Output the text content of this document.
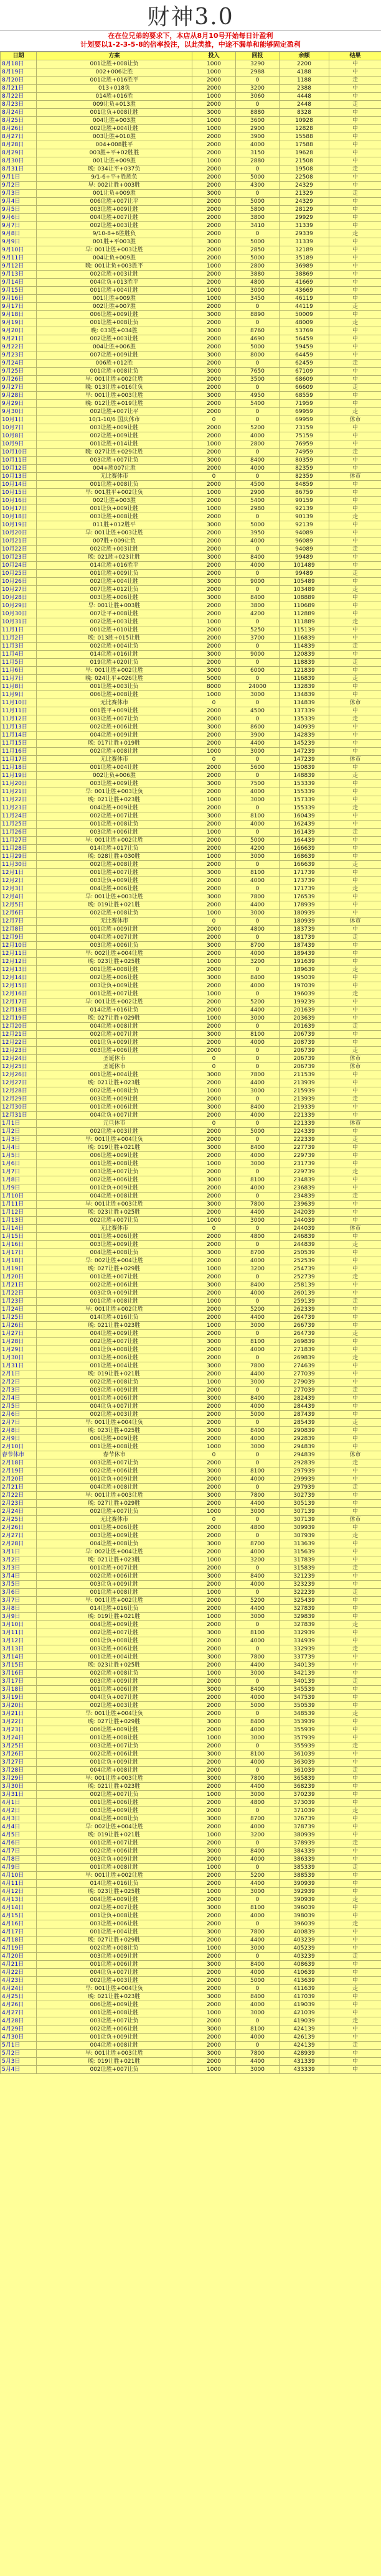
财神3.0
在在位兄弟的要求下，本店从8月10号开始每日计盈利
计划要以1-2-3-5-8的倍率投注，以此类推，中途不漏单和能够固定盈利
日期	方案	投入	回报	余额	结果
8月18日	001让胜+008让负	1000	3290	2200	中
8月19日	002+006让胜	1000	2988	4188	中
8月20日	001让胜+016胜平	2000	0	1188	走
8月21日	013+018负	2000	3200	2388	中
8月22日	014胜+016胜	1000	3060	4448	中
8月23日	009让负+013胜	2000	0	2448	走
8月24日	001让负+008让胜	3000	8880	8328	中
8月25日	004让胜+003胜	1000	3600	10928	中
8月26日	002让胜+004让胜	1000	2900	12828	中
8月27日	003让胜+010胜	2000	3900	15588	中
8月28日	004+008胜平	2000	4000	17588	中
8月29日	003胜+平+02胜胜	2000	3150	19628	中
8月30日	001让胜+009胜	1000	2880	21508	中
8月31日	晚: 034让平+037负	2000	0	19508	走
9月1日	9/1-6+平+胜胜负	2000	5000	22508	中
9月2日	早: 002让胜+003胜	2000	4300	24329	中
9月3日	001让负+009胜	3000	0	21329	走
9月4日	006让胜+007让平	2000	5000	24329	中
9月5日	003让胜+009让胜	2000	5800	28129	中
9月6日	004让胜+007让胜	2000	3800	29929	中
9月7日	002让胜+003让胜	2000	3410	31339	中
9月8日	9/10-8+6胜胜负	2000	0	29339	走
9月9日	001胜+平003胜	3000	5000	31339	中
9月10日	早: 001让胜+003让胜	2000	2850	32189	中
9月11日	004让负+009胜	2000	5000	35189	中
9月12日	晚: 001让负+003胜平	1000	2800	36989	中
9月13日	002让胜+003让胜	2000	3880	38869	中
9月14日	004让负+013胜平	2000	4800	41669	中
9月15日	001让胜+004让胜	1000	3000	43669	中
9月16日	001让胜+009胜	1000	3450	46119	中
9月17日	002让胜+007胜	2000	0	44119	走
9月18日	006让胜+009让胜	3000	8890	50009	中
9月19日	001让胜+008让负	2000	0	48009	走
9月20日	晚: 033胜+034胜	3000	8760	53769	中
9月21日	002让胜+003让胜	2000	4690	56459	中
9月22日	004让胜+006胜	2000	5000	59459	中
9月23日	007让胜+009让胜	3000	8000	64459	中
9月24日	006胜+012胜	2000	0	62459	走
9月25日	001让胜+008让负	3000	7650	67109	中
9月26日	早: 001让胜+002让胜	2000	3500	68609	中
9月27日	晚: 013让胜+016让负	2000	0	66609	走
9月28日	早: 001让胜+003让胜	3000	4950	68559	中
9月29日	晚: 012让胜+019让胜	2000	5400	71959	中
9月30日	002让胜+007让平	2000	0	69959	走
10月1日	10/1-10/6 国庆休市	0	0	69959	休市
10月7日	003让胜+009让胜	2000	5200	73159	中
10月8日	002让胜+009让胜	2000	4000	75159	中
10月9日	001让胜+014让胜	1000	2800	76959	中
10月10日	晚: 027让胜+029让胜	2000	0	74959	走
10月11日	003让胜+007让负	3000	8400	80359	中
10月12日	004+胜007让胜	2000	4000	82359	中
10月13日	无比赛休市	0	0	82359	休市
10月14日	001让胜+008让负	2000	4500	84859	中
10月15日	早: 001胜平+002让负	1000	2900	86759	中
10月16日	002让胜+003胜	2000	5400	90159	中
10月17日	001让负+009让胜	1000	2980	92139	中
10月18日	003让胜+008让胜	2000	0	90139	走
10月19日	011胜+012胜平	3000	5000	92139	中
10月20日	早: 001让胜+003让胜	2000	3950	94089	中
10月21日	007胜+009让负	2000	4000	96089	中
10月22日	002让胜+003让胜	2000	0	94089	走
10月23日	晚: 021胜+023让胜	3000	8400	99489	中
10月24日	014让胜+016胜平	2000	4000	101489	中
10月25日	001让胜+009让负	2000	0	99489	走
10月26日	002让胜+004让胜	3000	9000	105489	中
10月27日	007让胜+012让负	2000	0	103489	走
10月28日	003让胜+006让胜	3000	8400	108889	中
10月29日	早: 001让胜+003胜	2000	3800	110689	中
10月30日	007让平+008让胜	2000	4200	112889	中
10月31日	002让胜+003让胜	1000	0	111889	走
11月1日	001让胜+010让胜	2000	5250	115139	中
11月2日	晚: 013胜+015让胜	2000	3700	116839	中
11月3日	002让胜+004让负	2000	0	114839	走
11月4日	014让胜+016让胜	3000	9000	120839	中
11月5日	019让胜+020让负	2000	0	118839	走
11月6日	早: 001让胜+002让胜	3000	6000	121839	中
11月7日	晚: 024让平+026让胜	5000	0	116839	走
11月8日	001让胜+003让负	8000	24000	132839	中
11月9日	006让胜+008让胜	1000	3000	134839	中
11月10日	无比赛休市	0	0	134839	休市
11月11日	001胜平+009让胜	2000	4500	137339	中
11月12日	003让胜+007让负	2000	0	135339	走
11月13日	002让胜+006让胜	3000	8600	140939	中
11月14日	004让胜+009让胜	2000	3900	142839	中
11月15日	晚: 017让胜+019胜	2000	4400	145239	中
11月16日	002让胜+008让胜	1000	3000	147239	中
11月17日	无比赛休市	0	0	147239	休市
11月18日	001让胜+004让胜	2000	5600	150839	中
11月19日	002让负+006胜	2000	0	148839	走
11月20日	003让胜+009让胜	3000	7500	153339	中
11月21日	早: 001让胜+003让负	2000	4000	155339	中
11月22日	晚: 021让胜+023胜	1000	3000	157339	中
11月23日	004让胜+009让胜	2000	0	155339	走
11月24日	002让胜+007让胜	3000	8100	160439	中
11月25日	001让胜+008让负	2000	4000	162439	中
11月26日	003让胜+006让胜	1000	0	161439	走
11月27日	早: 001让胜+002让胜	2000	5000	164439	中
11月28日	014让胜+017让负	2000	4200	166639	中
11月29日	晚: 028让胜+030胜	1000	3000	168639	中
11月30日	002让胜+008让胜	2000	0	166639	走
12月1日	001让胜+007让胜	3000	8100	171739	中
12月2日	003让负+009让胜	2000	4000	173739	中
12月3日	004让胜+006让胜	2000	0	171739	走
12月4日	早: 001让胜+003让胜	3000	7800	176539	中
12月5日	晚: 019让胜+021胜	2000	4400	178939	中
12月6日	002让胜+008让负	1000	3000	180939	中
12月7日	无比赛休市	0	0	180939	休市
12月8日	001让胜+009让胜	2000	4800	183739	中
12月9日	004让胜+007让胜	2000	0	181739	走
12月10日	003让胜+006让负	3000	8700	187439	中
12月11日	早: 002让胜+004让胜	2000	4000	189439	中
12月12日	晚: 023让胜+025胜	1000	3200	191639	中
12月13日	001让胜+008让胜	2000	0	189639	走
12月14日	002让胜+006让胜	3000	8400	195039	中
12月15日	003让负+009让胜	2000	4000	197039	中
12月16日	001让胜+007让胜	1000	0	196039	走
12月17日	早: 001让胜+002让胜	2000	5200	199239	中
12月18日	014让胜+016让负	2000	4400	201639	中
12月19日	晚: 027让胜+029胜	1000	3000	203639	中
12月20日	004让胜+008让胜	2000	0	201639	走
12月21日	002让胜+007让胜	3000	8100	206739	中
12月22日	001让负+009让胜	2000	4000	208739	中
12月23日	003让胜+006让胜	2000	0	206739	走
12月24日	圣诞休市	0	0	206739	休市
12月25日	圣诞休市	0	0	206739	休市
12月26日	001让胜+004让胜	3000	7800	211539	中
12月27日	晚: 021让胜+023胜	2000	4400	213939	中
12月28日	002让胜+008让负	1000	3000	215939	中
12月29日	003让胜+009让胜	2000	0	213939	走
12月30日	001让胜+006让胜	3000	8400	219339	中
12月31日	004让负+007让胜	2000	4000	221339	中
1月1日	元旦休市	0	0	221339	休市
1月2日	002让胜+003让胜	2000	5000	224339	中
1月3日	早: 001让胜+004让负	2000	0	222339	走
1月4日	晚: 019让胜+021胜	3000	8400	227739	中
1月5日	006让胜+009让胜	2000	4000	229739	中
1月6日	001让胜+008让胜	1000	3000	231739	中
1月7日	003让胜+007让负	2000	0	229739	走
1月8日	002让胜+006让胜	3000	8100	234839	中
1月9日	001让负+009让胜	2000	4000	236839	中
1月10日	004让胜+008让胜	2000	0	234839	走
1月11日	早: 001让胜+003让胜	3000	7800	239639	中
1月12日	晚: 023让胜+025胜	2000	4400	242039	中
1月13日	002让胜+007让负	1000	3000	244039	中
1月14日	无比赛休市	0	0	244039	休市
1月15日	001让胜+006让胜	2000	4800	246839	中
1月16日	003让胜+009让胜	2000	0	244839	走
1月17日	004让胜+008让负	3000	8700	250539	中
1月18日	早: 002让胜+004让胜	2000	4000	252539	中
1月19日	晚: 027让胜+029胜	1000	3200	254739	中
1月20日	001让胜+007让胜	2000	0	252739	走
1月21日	002让胜+006让胜	3000	8400	258139	中
1月22日	003让负+009让胜	2000	4000	260139	中
1月23日	001让胜+008让胜	1000	0	259139	走
1月24日	早: 001让胜+002让胜	2000	5200	262339	中
1月25日	014让胜+016让负	2000	4400	264739	中
1月26日	晚: 021让胜+023胜	1000	3000	266739	中
1月27日	004让胜+009让胜	2000	0	264739	走
1月28日	002让胜+007让胜	3000	8100	269839	中
1月29日	001让负+008让胜	2000	4000	271839	中
1月30日	003让胜+006让胜	2000	0	269839	走
1月31日	001让胜+004让胜	3000	7800	274639	中
2月1日	晚: 019让胜+021胜	2000	4400	277039	中
2月2日	002让胜+008让负	1000	3000	279039	中
2月3日	003让胜+009让胜	2000	0	277039	走
2月4日	001让胜+006让胜	3000	8400	282439	中
2月5日	004让负+007让胜	2000	4000	284439	中
2月6日	002让胜+003让胜	2000	5000	287439	中
2月7日	早: 001让胜+004让负	2000	0	285439	走
2月8日	晚: 023让胜+025胜	3000	8400	290839	中
2月9日	006让胜+009让胜	2000	4000	292839	中
2月10日	001让胜+008让胜	1000	3000	294839	中
春节休市	春节休市	0	0	294839	休市
2月18日	003让胜+007让负	2000	0	292839	走
2月19日	002让胜+006让胜	3000	8100	297939	中
2月20日	001让负+009让胜	2000	4000	299939	中
2月21日	004让胜+008让胜	2000	0	297939	走
2月22日	早: 001让胜+003让胜	3000	7800	302739	中
2月23日	晚: 027让胜+029胜	2000	4400	305139	中
2月24日	002让胜+007让负	1000	3000	307139	中
2月25日	无比赛休市	0	0	307139	休市
2月26日	001让胜+006让胜	2000	4800	309939	中
2月27日	003让胜+009让胜	2000	0	307939	走
2月28日	004让胜+008让负	3000	8700	313639	中
3月1日	早: 002让胜+004让胜	2000	4000	315639	中
3月2日	晚: 021让胜+023胜	1000	3200	317839	中
3月3日	001让胜+007让胜	2000	0	315839	走
3月4日	002让胜+006让胜	3000	8400	321239	中
3月5日	003让负+009让胜	2000	4000	323239	中
3月6日	001让胜+008让胜	1000	0	322239	走
3月7日	早: 001让胜+002让胜	2000	5200	325439	中
3月8日	014让胜+016让负	2000	4400	327839	中
3月9日	晚: 019让胜+021胜	1000	3000	329839	中
3月10日	004让胜+009让胜	2000	0	327839	走
3月11日	002让胜+007让胜	3000	8100	332939	中
3月12日	001让负+008让胜	2000	4000	334939	中
3月13日	003让胜+006让胜	2000	0	332939	走
3月14日	001让胜+004让胜	3000	7800	337739	中
3月15日	晚: 023让胜+025胜	2000	4400	340139	中
3月16日	002让胜+008让负	1000	3000	342139	中
3月17日	003让胜+009让胜	2000	0	340139	走
3月18日	001让胜+006让胜	3000	8400	345539	中
3月19日	004让负+007让胜	2000	4000	347539	中
3月20日	002让胜+003让胜	2000	5000	350539	中
3月21日	早: 001让胜+004让负	2000	0	348539	走
3月22日	晚: 027让胜+029胜	3000	8400	353939	中
3月23日	006让胜+009让胜	2000	4000	355939	中
3月24日	001让胜+008让胜	1000	3000	357939	中
3月25日	003让胜+007让负	2000	0	355939	走
3月26日	002让胜+006让胜	3000	8100	361039	中
3月27日	001让负+009让胜	2000	4000	363039	中
3月28日	004让胜+008让胜	2000	0	361039	走
3月29日	早: 001让胜+003让胜	3000	7800	365839	中
3月30日	晚: 021让胜+023胜	2000	4400	368239	中
3月31日	002让胜+007让负	1000	3000	370239	中
4月1日	001让胜+006让胜	2000	4800	373039	中
4月2日	003让胜+009让胜	2000	0	371039	走
4月3日	004让胜+008让负	3000	8700	376739	中
4月4日	早: 002让胜+004让胜	2000	4000	378739	中
4月5日	晚: 019让胜+021胜	1000	3200	380939	中
4月6日	001让胜+007让胜	2000	0	378939	走
4月7日	002让胜+006让胜	3000	8400	384339	中
4月8日	003让负+009让胜	2000	4000	386339	中
4月9日	001让胜+008让胜	1000	0	385339	走
4月10日	早: 001让胜+002让胜	2000	5200	388539	中
4月11日	014让胜+016让负	2000	4400	390939	中
4月12日	晚: 023让胜+025胜	1000	3000	392939	中
4月13日	004让胜+009让胜	2000	0	390939	走
4月14日	002让胜+007让胜	3000	8100	396039	中
4月15日	001让负+008让胜	2000	4000	398039	中
4月16日	003让胜+006让胜	2000	0	396039	走
4月17日	001让胜+004让胜	3000	7800	400839	中
4月18日	晚: 027让胜+029胜	2000	4400	403239	中
4月19日	002让胜+008让负	1000	3000	405239	中
4月20日	003让胜+009让胜	2000	0	403239	走
4月21日	001让胜+006让胜	3000	8400	408639	中
4月22日	004让负+007让胜	2000	4000	410639	中
4月23日	002让胜+003让胜	2000	5000	413639	中
4月24日	早: 001让胜+004让负	2000	0	411639	走
4月25日	晚: 021让胜+023胜	3000	8400	417039	中
4月26日	006让胜+009让胜	2000	4000	419039	中
4月27日	001让胜+008让胜	1000	3000	421039	中
4月28日	003让胜+007让负	2000	0	419039	走
4月29日	002让胜+006让胜	3000	8100	424139	中
4月30日	001让负+009让胜	2000	4000	426139	中
5月1日	004让胜+008让胜	2000	0	424139	走
5月2日	早: 001让胜+003让胜	3000	7800	428939	中
5月3日	晚: 019让胜+021胜	2000	4400	431339	中
5月4日	002让胜+007让负	1000	3000	433339	中
